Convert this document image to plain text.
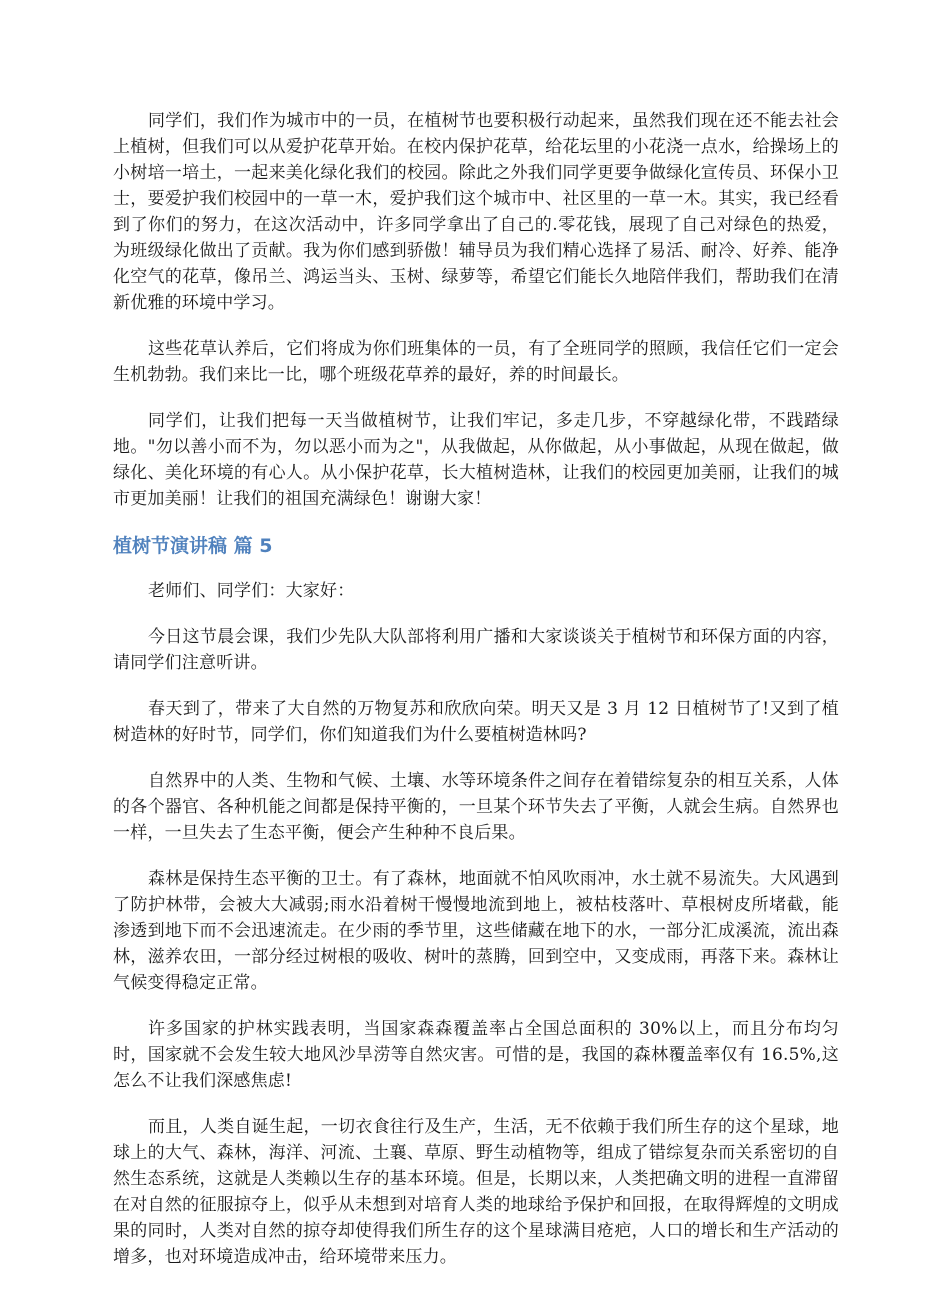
同学们，我们作为城市中的一员，在植树节也要积极行动起来，虽然我们现在还不能去社会上植树，但我们可以从爱护花草开始。在校内保护花草，给花坛里的小花浇一点水，给操场上的小树培一培土，一起来美化绿化我们的校园。除此之外我们同学更要争做绿化宣传员、环保小卫士，要爱护我们校园中的一草一木，爱护我们这个城市中、社区里的一草一木。其实，我已经看到了你们的努力，在这次活动中，许多同学拿出了自己的.零花钱，展现了自己对绿色的热爱，为班级绿化做出了贡献。我为你们感到骄傲！辅导员为我们精心选择了易活、耐冷、好养、能净化空气的花草，像吊兰、鸿运当头、玉树、绿萝等，希望它们能长久地陪伴我们，帮助我们在清新优雅的环境中学习。

这些花草认养后，它们将成为你们班集体的一员，有了全班同学的照顾，我信任它们一定会生机勃勃。我们来比一比，哪个班级花草养的最好，养的时间最长。

同学们，让我们把每一天当做植树节，让我们牢记，多走几步，不穿越绿化带，不践踏绿地。"勿以善小而不为，勿以恶小而为之"，从我做起，从你做起，从小事做起，从现在做起，做绿化、美化环境的有心人。从小保护花草，长大植树造林，让我们的校园更加美丽，让我们的城市更加美丽！让我们的祖国充满绿色！谢谢大家！

植树节演讲稿 篇 5

老师们、同学们：大家好：

今日这节晨会课，我们少先队大队部将利用广播和大家谈谈关于植树节和环保方面的内容，请同学们注意听讲。

春天到了，带来了大自然的万物复苏和欣欣向荣。明天又是 3 月 12 日植树节了!又到了植树造林的好时节，同学们，你们知道我们为什么要植树造林吗?

自然界中的人类、生物和气候、土壤、水等环境条件之间存在着错综复杂的相互关系，人体的各个器官、各种机能之间都是保持平衡的，一旦某个环节失去了平衡，人就会生病。自然界也一样，一旦失去了生态平衡，便会产生种种不良后果。

森林是保持生态平衡的卫士。有了森林，地面就不怕风吹雨冲，水土就不易流失。大风遇到了防护林带，会被大大减弱;雨水沿着树干慢慢地流到地上，被枯枝落叶、草根树皮所堵截，能渗透到地下而不会迅速流走。在少雨的季节里，这些储藏在地下的水，一部分汇成溪流，流出森林，滋养农田，一部分经过树根的吸收、树叶的蒸腾，回到空中，又变成雨，再落下来。森林让气候变得稳定正常。

许多国家的护林实践表明，当国家森森覆盖率占全国总面积的 30%以上，而且分布均匀时，国家就不会发生较大地风沙旱涝等自然灾害。可惜的是，我国的森林覆盖率仅有 16.5%,这怎么不让我们深感焦虑!

而且，人类自诞生起，一切衣食往行及生产，生活，无不依赖于我们所生存的这个星球，地球上的大气、森林，海洋、河流、土襄、草原、野生动植物等，组成了错综复杂而关系密切的自然生态系统，这就是人类赖以生存的基本环境。但是，长期以来，人类把确文明的进程一直滞留在对自然的征服掠夺上，似乎从未想到对培育人类的地球给予保护和回报，在取得辉煌的文明成果的同时，人类对自然的掠夺却使得我们所生存的这个星球满目疮疤，人口的增长和生产活动的增多，也对环境造成冲击，给环境带来压力。
